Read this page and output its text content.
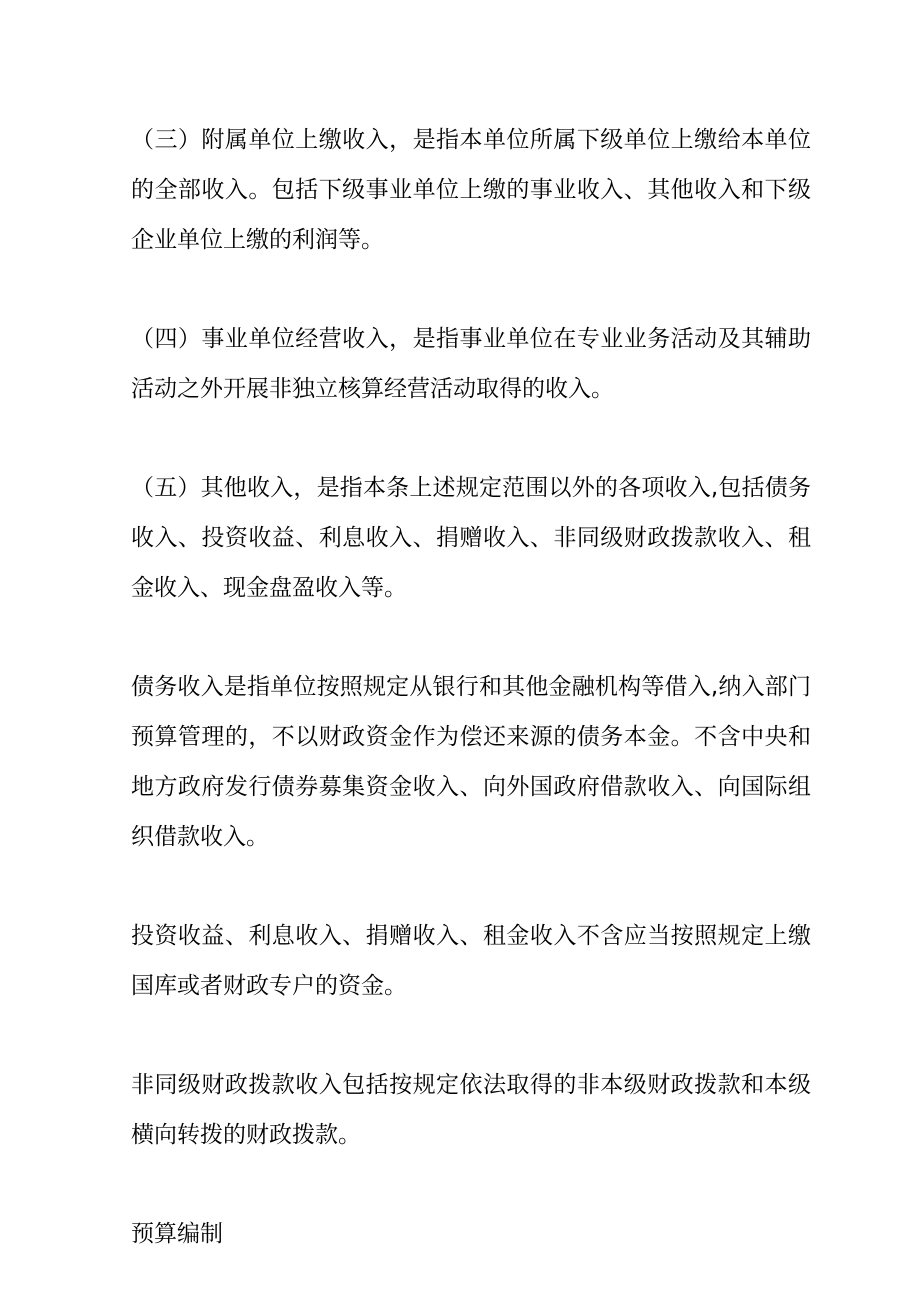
（三）附属单位上缴收入，是指本单位所属下级单位上缴给本单位的全部收入。包括下级事业单位上缴的事业收入、其他收入和下级企业单位上缴的利润等。

（四）事业单位经营收入，是指事业单位在专业业务活动及其辅助活动之外开展非独立核算经营活动取得的收入。

（五）其他收入，是指本条上述规定范围以外的各项收入,包括债务收入、投资收益、利息收入、捐赠收入、非同级财政拨款收入、租金收入、现金盘盈收入等。

债务收入是指单位按照规定从银行和其他金融机构等借入,纳入部门预算管理的，不以财政资金作为偿还来源的债务本金。不含中央和地方政府发行债券募集资金收入、向外国政府借款收入、向国际组织借款收入。

投资收益、利息收入、捐赠收入、租金收入不含应当按照规定上缴国库或者财政专户的资金。

非同级财政拨款收入包括按规定依法取得的非本级财政拨款和本级横向转拨的财政拨款。

预算编制
